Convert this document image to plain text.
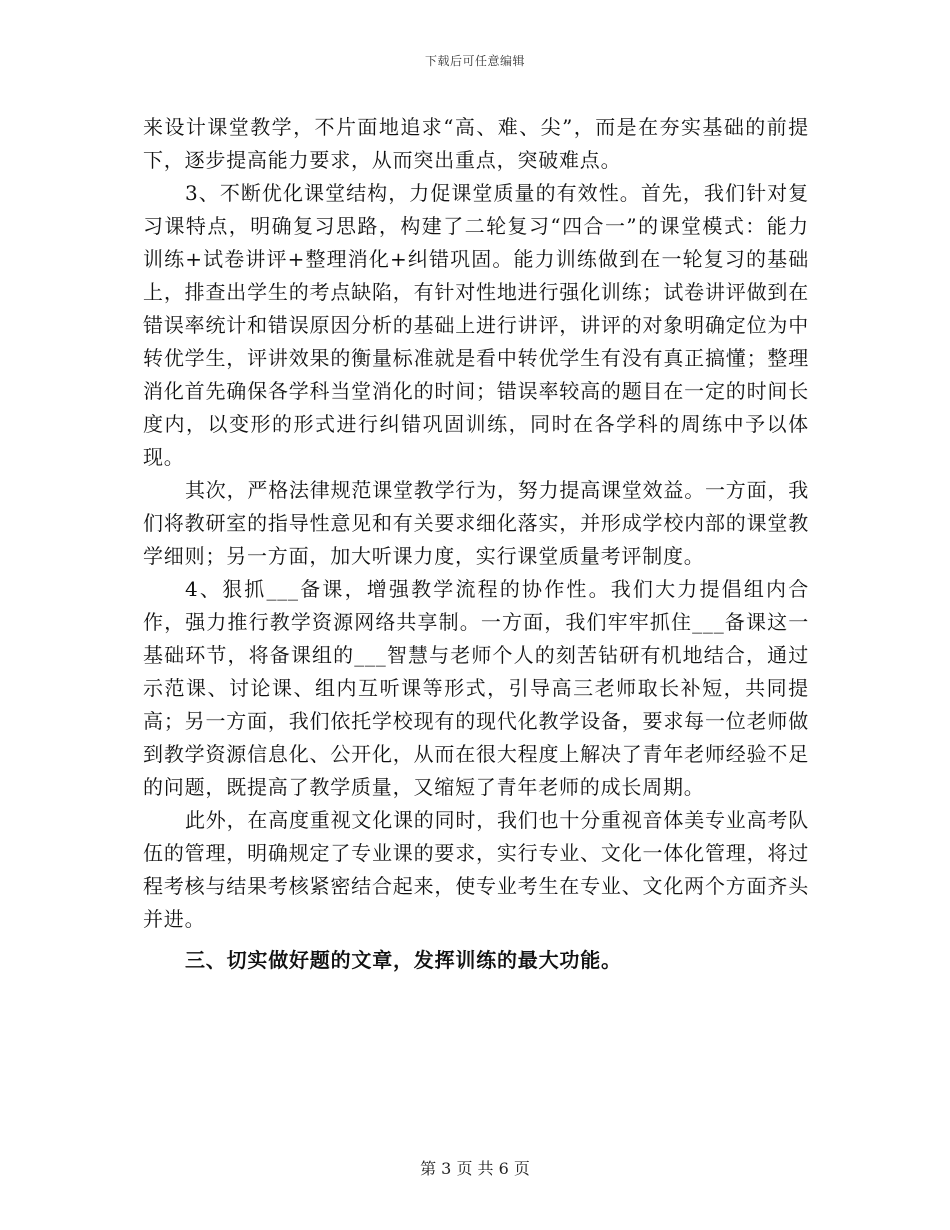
下载后可任意编辑

来设计课堂教学，不片面地追求“高、难、尖”，而是在夯实基础的前提下，逐步提高能力要求，从而突出重点，突破难点。

3、不断优化课堂结构，力促课堂质量的有效性。首先，我们针对复习课特点，明确复习思路，构建了二轮复习“四合一”的课堂模式：能力训练+试卷讲评+整理消化+纠错巩固。能力训练做到在一轮复习的基础上，排查出学生的考点缺陷，有针对性地进行强化训练；试卷讲评做到在错误率统计和错误原因分析的基础上进行讲评，讲评的对象明确定位为中转优学生，评讲效果的衡量标准就是看中转优学生有没有真正搞懂；整理消化首先确保各学科当堂消化的时间；错误率较高的题目在一定的时间长度内，以变形的形式进行纠错巩固训练，同时在各学科的周练中予以体现。

其次，严格法律规范课堂教学行为，努力提高课堂效益。一方面，我们将教研室的指导性意见和有关要求细化落实，并形成学校内部的课堂教学细则；另一方面，加大听课力度，实行课堂质量考评制度。

4、狠抓___备课，增强教学流程的协作性。我们大力提倡组内合作，强力推行教学资源网络共享制。一方面，我们牢牢抓住___备课这一基础环节，将备课组的___智慧与老师个人的刻苦钻研有机地结合，通过示范课、讨论课、组内互听课等形式，引导高三老师取长补短，共同提高；另一方面，我们依托学校现有的现代化教学设备，要求每一位老师做到教学资源信息化、公开化，从而在很大程度上解决了青年老师经验不足的问题，既提高了教学质量，又缩短了青年老师的成长周期。

此外，在高度重视文化课的同时，我们也十分重视音体美专业高考队伍的管理，明确规定了专业课的要求，实行专业、文化一体化管理，将过程考核与结果考核紧密结合起来，使专业考生在专业、文化两个方面齐头并进。

三、切实做好题的文章，发挥训练的最大功能。

第 3 页 共 6 页
